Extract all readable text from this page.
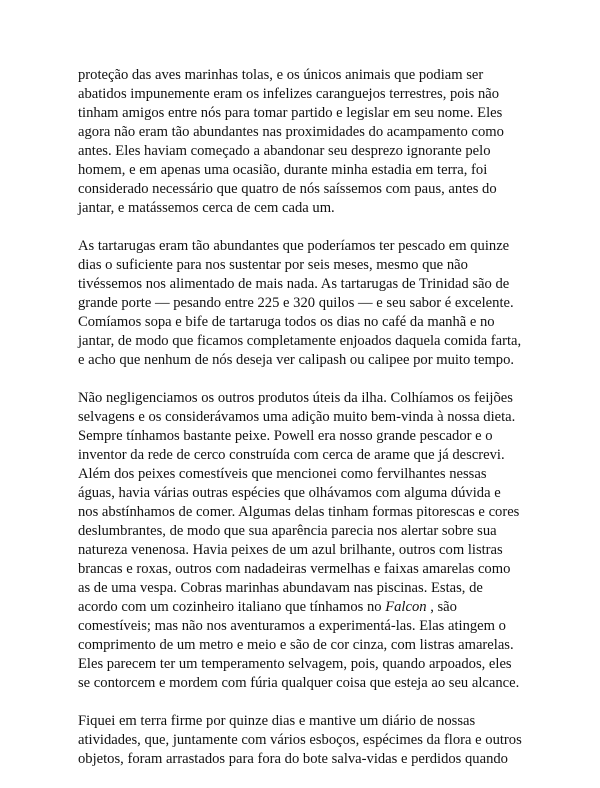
proteção das aves marinhas tolas, e os únicos animais que podiam ser
abatidos impunemente eram os infelizes caranguejos terrestres, pois não
tinham amigos entre nós para tomar partido e legislar em seu nome. Eles
agora não eram tão abundantes nas proximidades do acampamento como
antes. Eles haviam começado a abandonar seu desprezo ignorante pelo
homem, e em apenas uma ocasião, durante minha estadia em terra, foi
considerado necessário que quatro de nós saíssemos com paus, antes do
jantar, e matássemos cerca de cem cada um.

As tartarugas eram tão abundantes que poderíamos ter pescado em quinze
dias o suficiente para nos sustentar por seis meses, mesmo que não
tivéssemos nos alimentado de mais nada. As tartarugas de Trinidad são de
grande porte — pesando entre 225 e 320 quilos — e seu sabor é excelente.
Comíamos sopa e bife de tartaruga todos os dias no café da manhã e no
jantar, de modo que ficamos completamente enjoados daquela comida farta,
e acho que nenhum de nós deseja ver calipash ou calipee por muito tempo.

Não negligenciamos os outros produtos úteis da ilha. Colhíamos os feijões
selvagens e os considerávamos uma adição muito bem-vinda à nossa dieta.
Sempre tínhamos bastante peixe. Powell era nosso grande pescador e o
inventor da rede de cerco construída com cerca de arame que já descrevi.
Além dos peixes comestíveis que mencionei como fervilhantes nessas
águas, havia várias outras espécies que olhávamos com alguma dúvida e
nos abstínhamos de comer. Algumas delas tinham formas pitorescas e cores
deslumbrantes, de modo que sua aparência parecia nos alertar sobre sua
natureza venenosa. Havia peixes de um azul brilhante, outros com listras
brancas e roxas, outros com nadadeiras vermelhas e faixas amarelas como
as de uma vespa. Cobras marinhas abundavam nas piscinas. Estas, de
acordo com um cozinheiro italiano que tínhamos no Falcon , são
comestíveis; mas não nos aventuramos a experimentá-las. Elas atingem o
comprimento de um metro e meio e são de cor cinza, com listras amarelas.
Eles parecem ter um temperamento selvagem, pois, quando arpoados, eles
se contorcem e mordem com fúria qualquer coisa que esteja ao seu alcance.

Fiquei em terra firme por quinze dias e mantive um diário de nossas
atividades, que, juntamente com vários esboços, espécimes da flora e outros
objetos, foram arrastados para fora do bote salva-vidas e perdidos quando
